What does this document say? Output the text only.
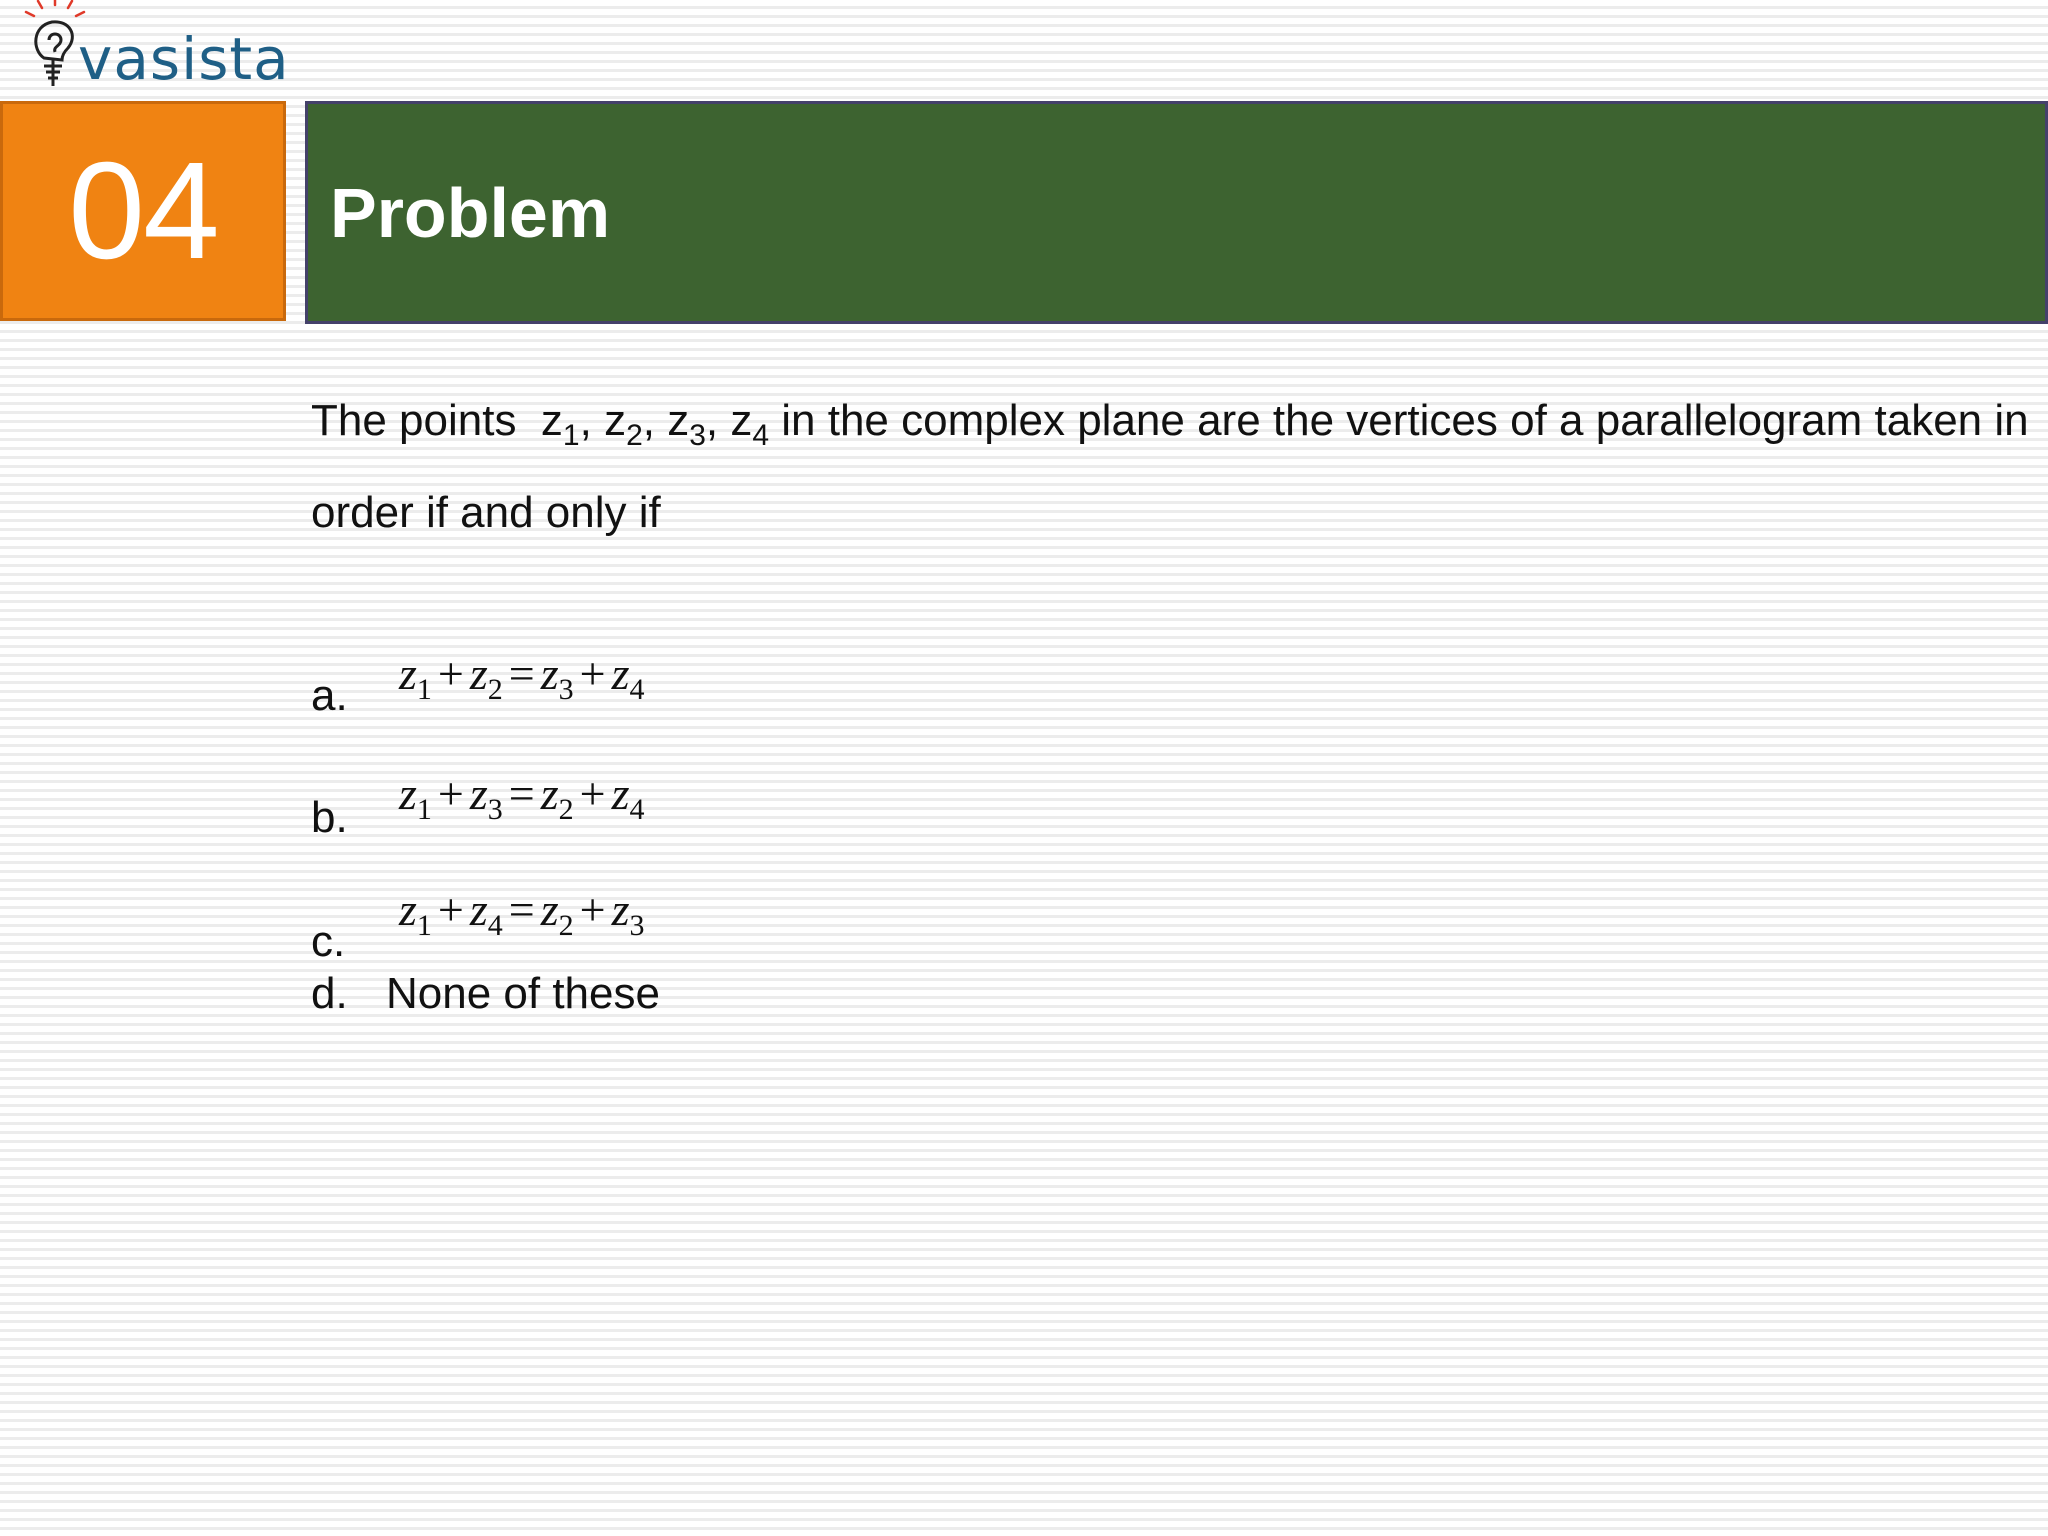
vasista
04 Problem

The points $z_1$, $z_2$, $z_3$, $z_4$ in the complex plane are the vertices of a parallelogram taken in order if and only if

a. $z_1 + z_2 = z_3 + z_4$
b. $z_1 + z_3 = z_2 + z_4$
c.
$z_1 + z_4 = z_2 + z_3$
d. None of these
